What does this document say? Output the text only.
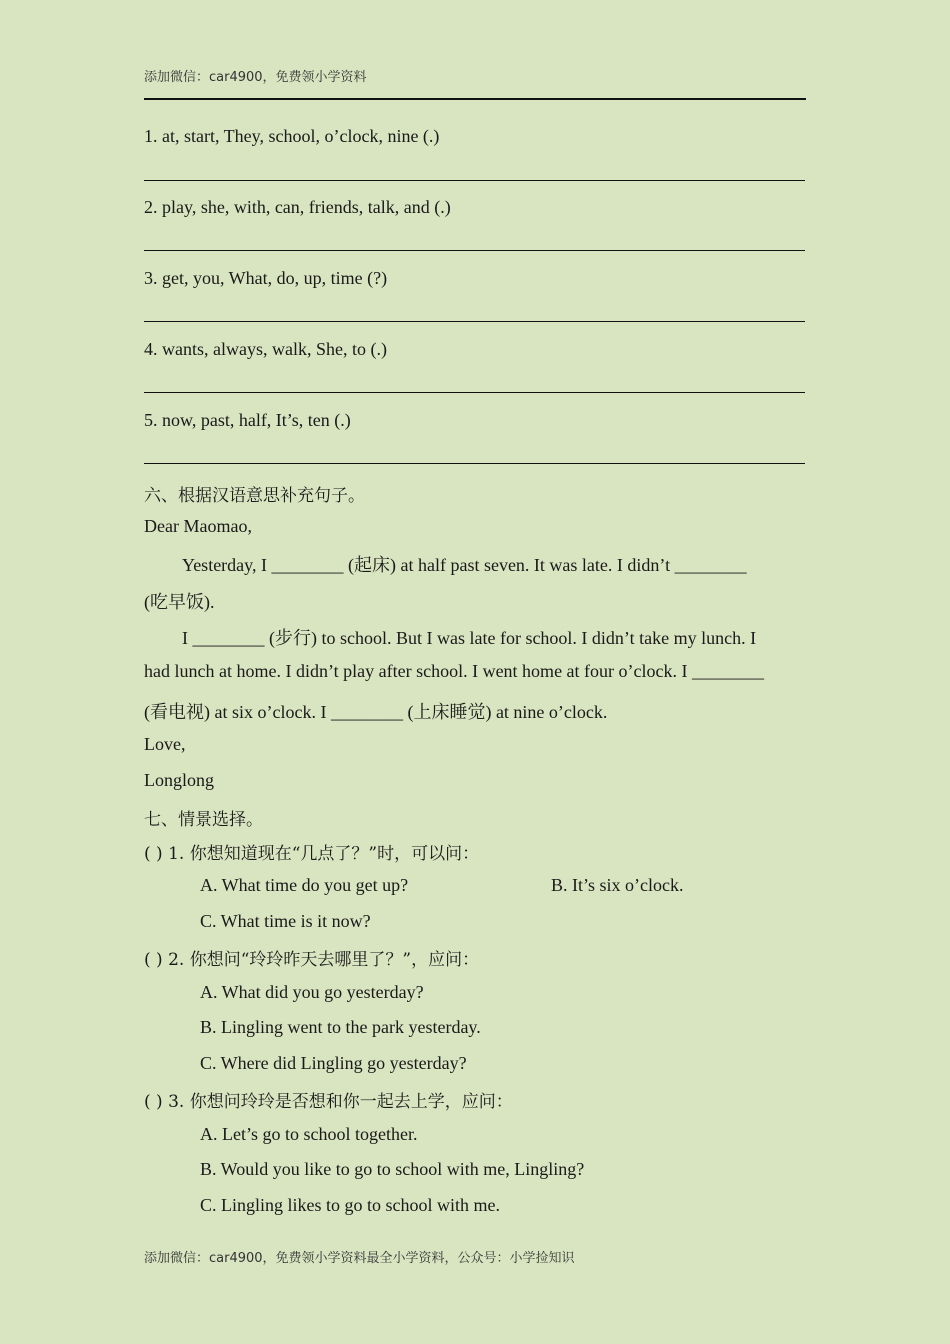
添加微信：car4900，免费领小学资料
1. at, start, They, school, o’clock, nine (.)
2. play, she, with, can, friends, talk, and (.)
3. get, you, What, do, up, time (?)
4. wants, always, walk, She, to (.)
5. now, past, half, It’s, ten (.)
六、根据汉语意思补充句子。
Dear Maomao,
Yesterday, I ________ (起床) at half past seven. It was late. I didn’t ________
(吃早饭).
I ________ (步行) to school. But I was late for school. I didn’t take my lunch. I
had lunch at home. I didn’t play after school. I went home at four o’clock. I ________
(看电视) at six o’clock. I ________ (上床睡觉) at nine o’clock.
Love,
Longlong
七、情景选择。
( ) 1. 你想知道现在“几点了？”时，可以问：
A. What time do you get up?	B. It’s six o’clock.
C. What time is it now?
( ) 2. 你想问“玲玲昨天去哪里了？”，应问：
A. What did you go yesterday?
B. Lingling went to the park yesterday.
C. Where did Lingling go yesterday?
( ) 3. 你想问玲玲是否想和你一起去上学，应问：
A. Let’s go to school together.
B. Would you like to go to school with me, Lingling?
C. Lingling likes to go to school with me.
添加微信：car4900，免费领小学资料最全小学资料，公众号：小学捡知识
